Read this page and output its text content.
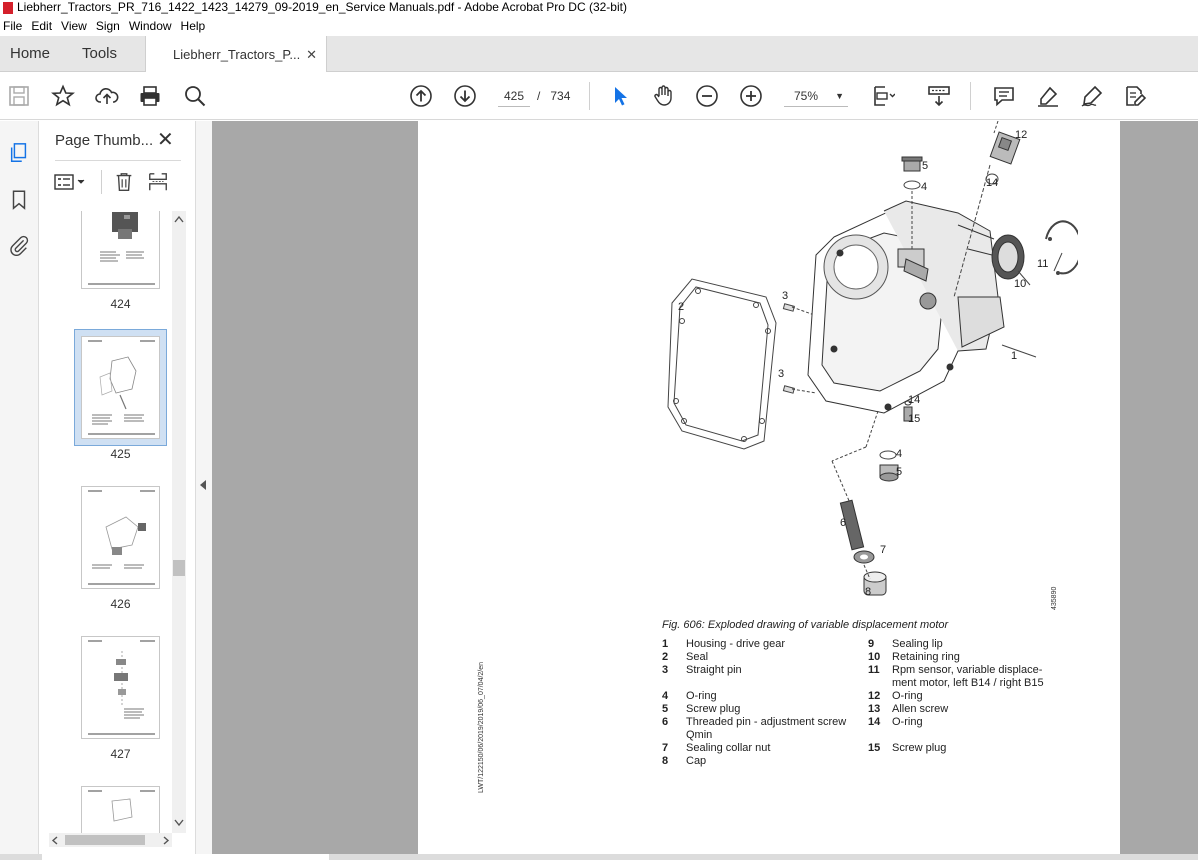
Liebherr_Tractors_PR_716_1422_1423_14279_09-2019_en_Service Manuals.pdf - Adobe Acrobat Pro DC (32-bit)
File Edit View Sign Window Help
Home Tools	Liebherr_Tractors_P... ✕
425	/ 734	75% ▼
Page Thumb... ✕
424
425
426
427
12
5
4	14
11
10
2
3
1
3
14
15
4
5
6
7
8	435890
Fig. 606: Exploded drawing of variable displacement motor
1 Housing - drive gear
2 Seal
3 Straight pin
4 O-ring
5 Screw plug
6 Threaded pin - adjustment screw
Qmin
7 Sealing collar nut
8 Cap
9 Sealing lip
10 Retaining ring
11 Rpm sensor, variable displace-
ment motor, left B14 / right B15
12 O-ring
13 Allen screw
14 O-ring
15 Screw plug
LWT/122150/06/2019/2019/06_07/04/2/en
